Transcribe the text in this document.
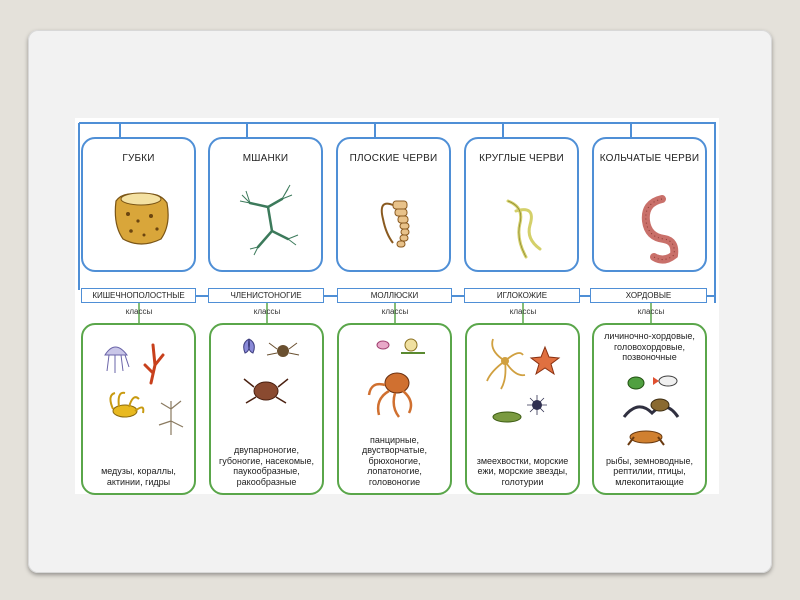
ГУБКИ	МШАНКИ	ПЛОСКИЕ ЧЕРВИ	КРУГЛЫЕ ЧЕРВИ	КОЛЬЧАТЫЕ ЧЕРВИ
КИШЕЧНОПОЛОСТНЫЕ	ЧЛЕНИСТОНОГИЕ	МОЛЛЮСКИ	ИГЛОКОЖИЕ	ХОРДОВЫЕ
классы	классы	классы	классы	классы
медузы, кораллы, актинии, гидры
двупарноногие, губоногие, насекомые, паукообразные, ракообразные
панцирные, двустворчатые, брюхоногие, лопатоногие, головоногие
змеехвостки, морские ежи, морские звезды, голотурии
личиночно-хордовые, головохордовые, позвоночные
рыбы, земноводные, рептилии, птицы, млекопитающие
